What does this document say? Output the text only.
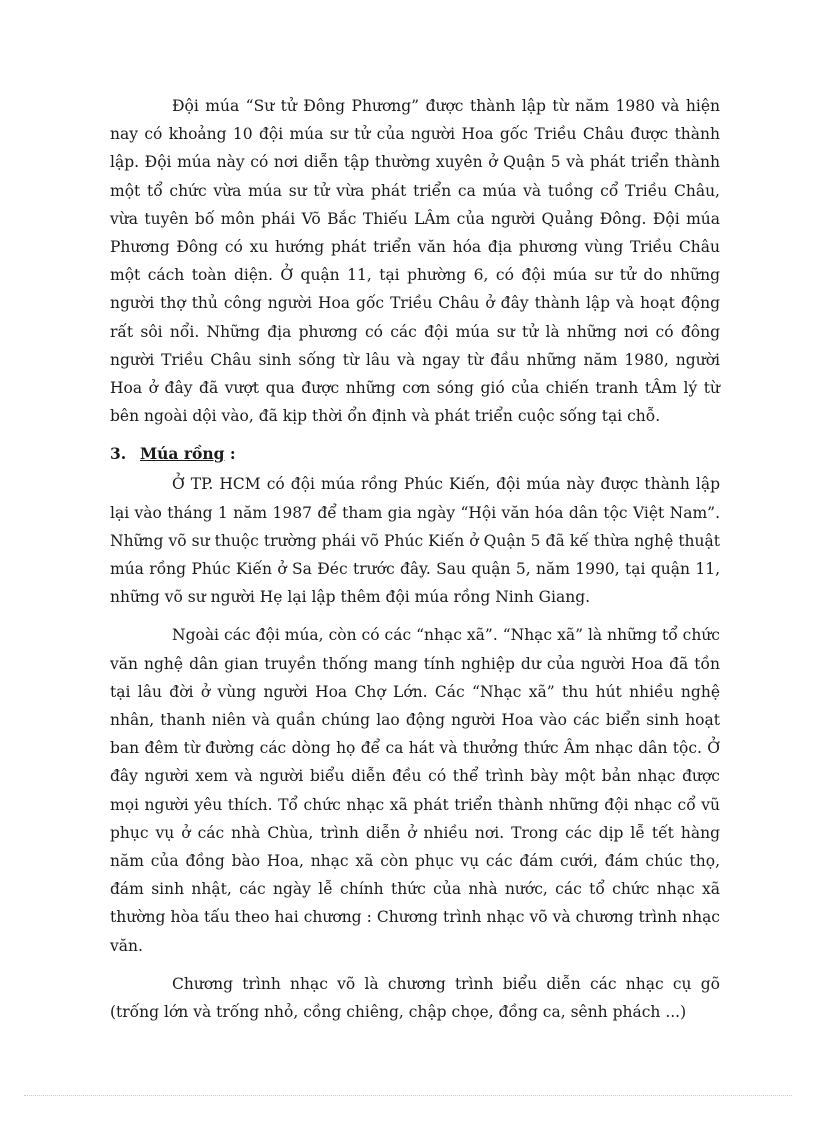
Đội múa “Sư tử Đông Phương” được thành lập từ năm 1980 và hiện nay có khoảng 10 đội múa sư tử của người Hoa gốc Triều Châu được thành lập. Đội múa này có nơi diễn tập thường xuyên ở Quận 5 và phát triển thành một tổ chức vừa múa sư tử vừa phát triển ca múa và tuồng cổ Triều Châu, vừa tuyên bố môn phái Võ Bắc Thiếu LÂm của người Quảng Đông. Đội múa Phương Đông có xu hướng phát triển văn hóa địa phương vùng Triều Châu một cách toàn diện. Ở quận 11, tại phường 6, có đội múa sư tử do những người thợ thủ công người Hoa gốc Triều Châu ở đây thành lập và hoạt động rất sôi nổi. Những địa phương có các đội múa sư tử là những nơi có đông người Triều Châu sinh sống từ lâu và ngay từ đầu những năm 1980, người Hoa ở đây đã vượt qua được những cơn sóng gió của chiến tranh tÂm lý từ bên ngoài dội vào, đã kịp thời ổn định và phát triển cuộc sống tại chỗ.

3. Múa rồng :

Ở TP. HCM có đội múa rồng Phúc Kiến, đội múa này được thành lập lại vào tháng 1 năm 1987 để tham gia ngày “Hội văn hóa dân tộc Việt Nam”. Những võ sư thuộc trường phái võ Phúc Kiến ở Quận 5 đã kế thừa nghệ thuật múa rồng Phúc Kiến ở Sa Đéc trước đây. Sau quận 5, năm 1990, tại quận 11, những võ sư người Hẹ lại lập thêm đội múa rồng Ninh Giang.

Ngoài các đội múa, còn có các “nhạc xã”. “Nhạc xã” là những tổ chức văn nghệ dân gian truyền thống mang tính nghiệp dư của người Hoa đã tồn tại lâu đời ở vùng người Hoa Chợ Lớn. Các “Nhạc xã” thu hút nhiều nghệ nhân, thanh niên và quần chúng lao động người Hoa vào các biển sinh hoạt ban đêm từ đường các dòng họ để ca hát và thưởng thức Âm nhạc dân tộc. Ở đây người xem và người biểu diễn đều có thể trình bày một bản nhạc được mọi người yêu thích. Tổ chức nhạc xã phát triển thành những đội nhạc cổ vũ phục vụ ở các nhà Chùa, trình diễn ở nhiều nơi. Trong các dịp lễ tết hàng năm của đồng bào Hoa, nhạc xã còn phục vụ các đám cưới, đám chúc thọ, đám sinh nhật, các ngày lễ chính thức của nhà nước, các tổ chức nhạc xã thường hòa tấu theo hai chương : Chương trình nhạc võ và chương trình nhạc văn.

Chương trình nhạc võ là chương trình biểu diễn các nhạc cụ gõ (trống lớn và trống nhỏ, cồng chiêng, chập chọe, đồng ca, sênh phách ...)
